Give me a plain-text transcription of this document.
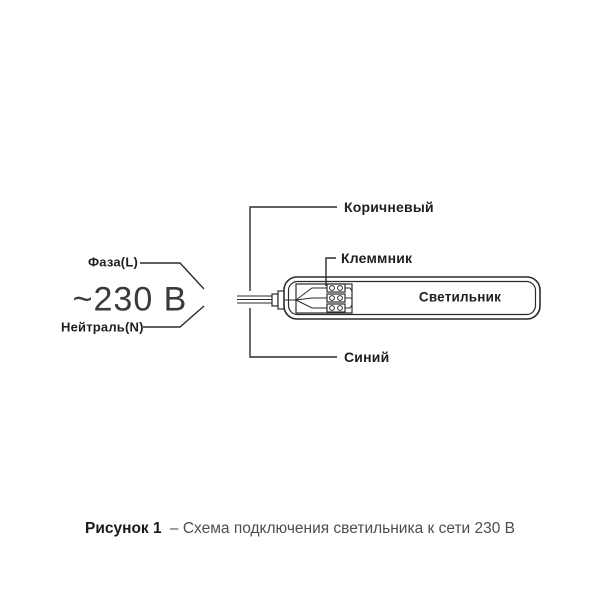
Коричневый
Клеммник
Светильник
Синий
Фаза(L)
~230 В
Нейтраль(N)
Рисунок 1 – Схема подключения светильника к сети 230 В
